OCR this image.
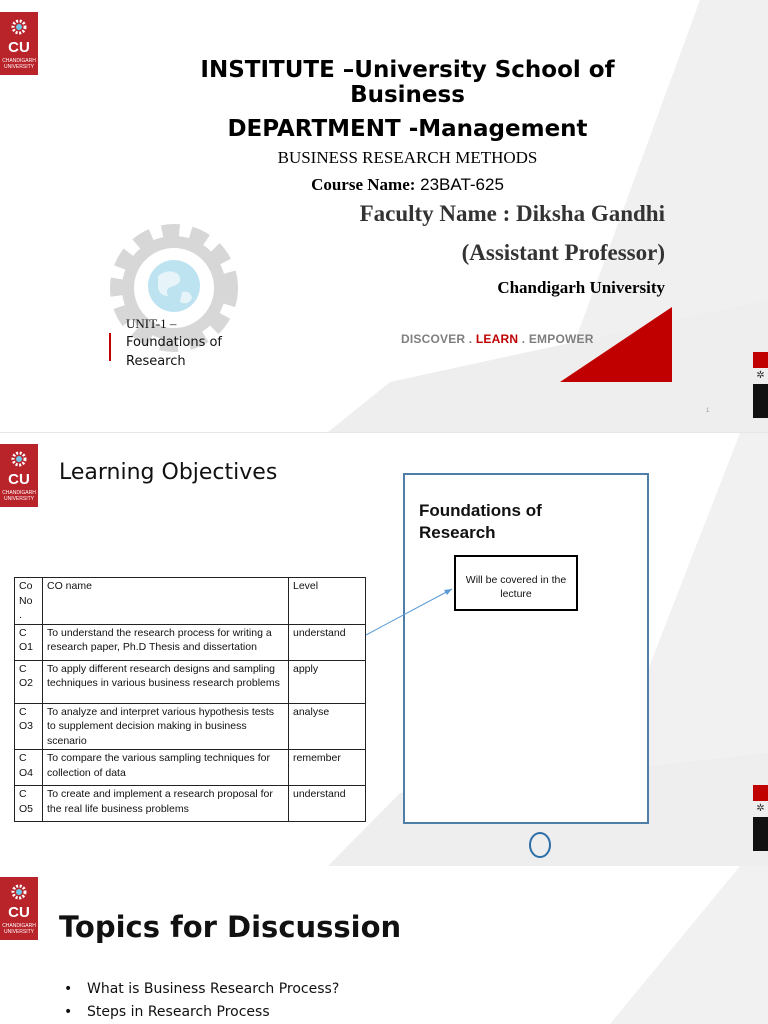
CU
CHANDIGARH
UNIVERSITY	INSTITUTE –University School of Business
DEPARTMENT -Management
BUSINESS RESEARCH METHODS
Course Name: 23BAT-625
Faculty Name : Diksha Gandhi
(Assistant Professor)
Chandigarh University
UNIT-1 –
Foundations of
Research
DISCOVER . LEARN . EMPOWER
✲
1
CU
CHANDIGARH
UNIVERSITY
Learning Objectives
Co No .	CO name	Level
C O1	To understand the research process for writing a research paper, Ph.D Thesis and dissertation	understand
C O2	To apply different research designs and sampling techniques in various business research problems	apply
C O3	To analyze and interpret various hypothesis tests to supplement decision making in business scenario	analyse
C O4	To compare the various sampling techniques for collection of data	remember
C O5	To create and implement a research proposal for the real life business problems	understand
Foundations of Research
Will be covered in the lecture
✲
CU
CHANDIGARH
UNIVERSITY Topics for Discussion
• What is Business Research Process?
• Steps in Research Process
